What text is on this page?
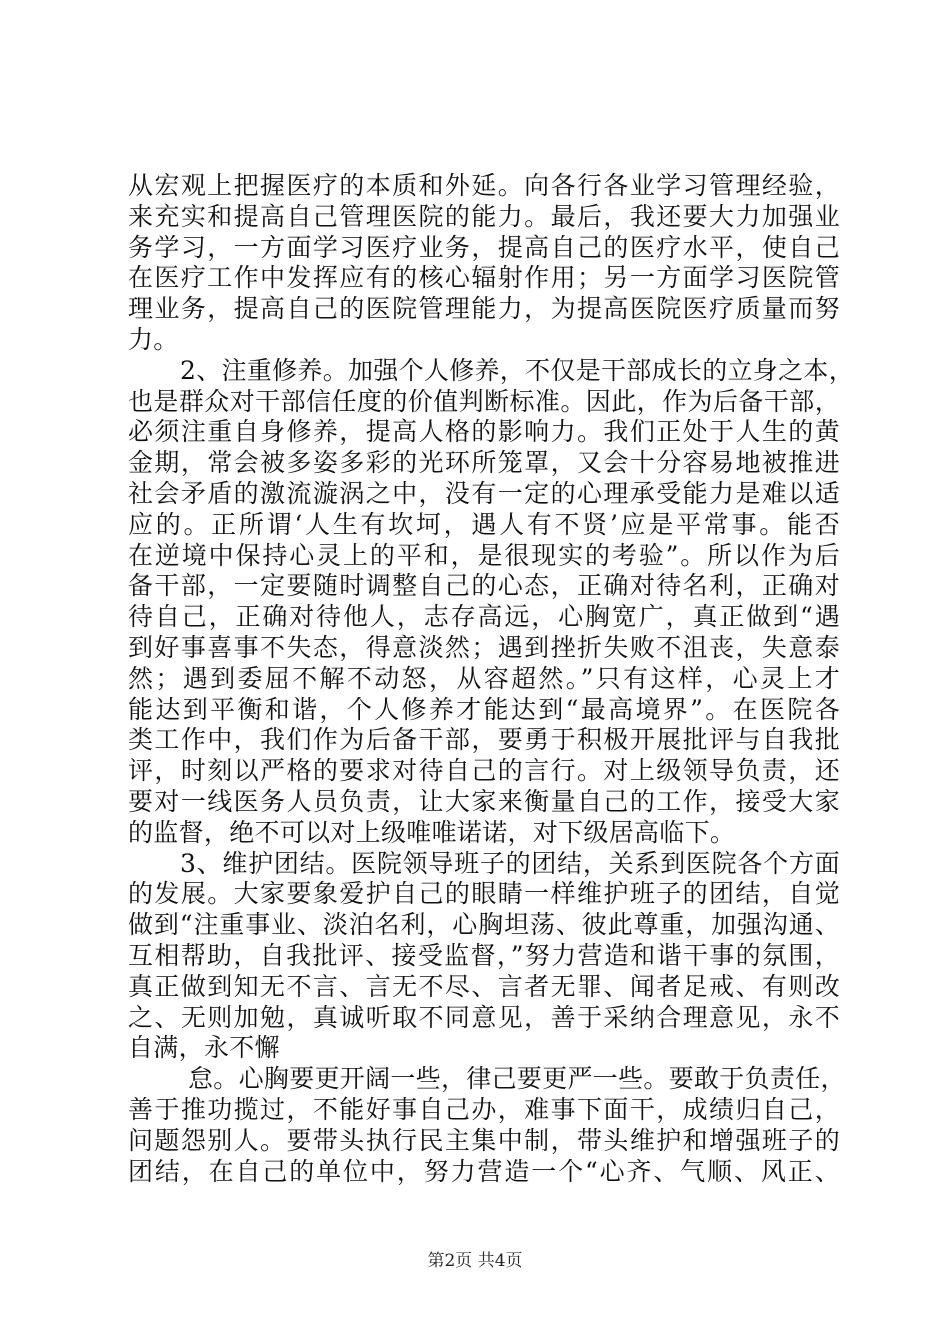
从宏观上把握医疗的本质和外延。向各行各业学习管理经验，
来充实和提高自己管理医院的能力。最后，我还要大力加强业
务学习，一方面学习医疗业务，提高自己的医疗水平，使自己
在医疗工作中发挥应有的核心辐射作用；另一方面学习医院管
理业务，提高自己的医院管理能力，为提高医院医疗质量而努
力。
2、注重修养。加强个人修养，不仅是干部成长的立身之本，
也是群众对干部信任度的价值判断标准。因此，作为后备干部，
必须注重自身修养，提高人格的影响力。我们正处于人生的黄
金期，常会被多姿多彩的光环所笼罩，又会十分容易地被推进
社会矛盾的激流漩涡之中，没有一定的心理承受能力是难以适
应的。正所谓‘人生有坎坷，遇人有不贤’应是平常事。能否
在逆境中保持心灵上的平和，是很现实的考验”。所以作为后
备干部，一定要随时调整自己的心态，正确对待名利，正确对
待自己，正确对待他人，志存高远，心胸宽广，真正做到“遇
到好事喜事不失态，得意淡然；遇到挫折失败不沮丧，失意泰
然；遇到委屈不解不动怒，从容超然。”只有这样，心灵上才
能达到平衡和谐，个人修养才能达到“最高境界”。在医院各
类工作中，我们作为后备干部，要勇于积极开展批评与自我批
评，时刻以严格的要求对待自己的言行。对上级领导负责，还
要对一线医务人员负责，让大家来衡量自己的工作，接受大家
的监督，绝不可以对上级唯唯诺诺，对下级居高临下。
3、维护团结。医院领导班子的团结，关系到医院各个方面
的发展。大家要象爱护自己的眼睛一样维护班子的团结，自觉
做到“注重事业、淡泊名利，心胸坦荡、彼此尊重，加强沟通、
互相帮助，自我批评、接受监督，”努力营造和谐干事的氛围，
真正做到知无不言、言无不尽、言者无罪、闻者足戒、有则改
之、无则加勉，真诚听取不同意见，善于采纳合理意见，永不
自满，永不懈
怠。心胸要更开阔一些，律己要更严一些。要敢于负责任，
善于推功揽过，不能好事自己办，难事下面干，成绩归自己，
问题怨别人。要带头执行民主集中制，带头维护和增强班子的
团结，在自己的单位中，努力营造一个“心齐、气顺、风正、
第2页 共4页
